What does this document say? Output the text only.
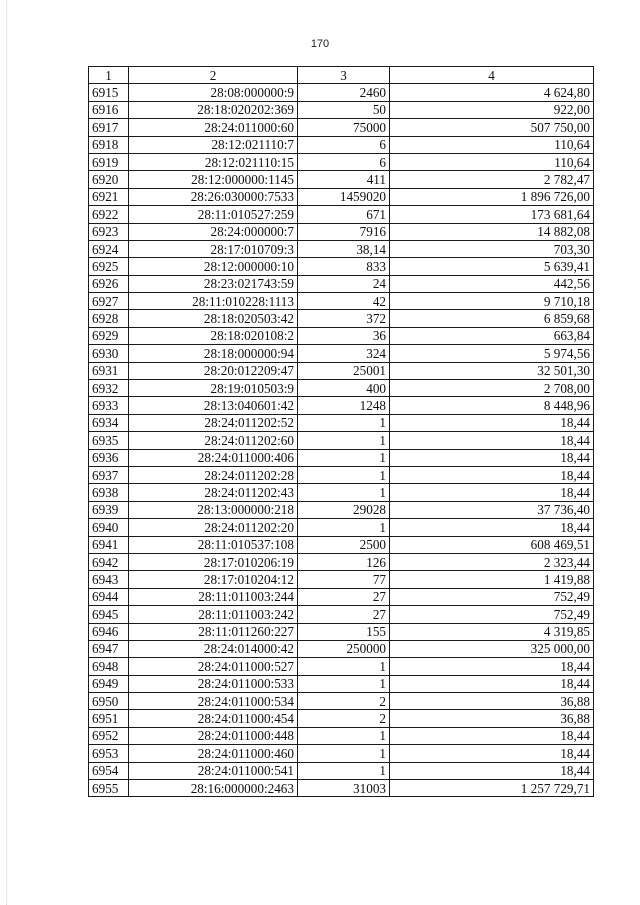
170
1	2	3	4
6915	28:08:000000:9	2460	4 624,80
6916	28:18:020202:369	50	922,00
6917	28:24:011000:60	75000	507 750,00
6918	28:12:021110:7	6	110,64
6919	28:12:021110:15	6	110,64
6920	28:12:000000:1145	411	2 782,47
6921	28:26:030000:7533	1459020	1 896 726,00
6922	28:11:010527:259	671	173 681,64
6923	28:24:000000:7	7916	14 882,08
6924	28:17:010709:3	38,14	703,30
6925	28:12:000000:10	833	5 639,41
6926	28:23:021743:59	24	442,56
6927	28:11:010228:1113	42	9 710,18
6928	28:18:020503:42	372	6 859,68
6929	28:18:020108:2	36	663,84
6930	28:18:000000:94	324	5 974,56
6931	28:20:012209:47	25001	32 501,30
6932	28:19:010503:9	400	2 708,00
6933	28:13:040601:42	1248	8 448,96
6934	28:24:011202:52	1	18,44
6935	28:24:011202:60	1	18,44
6936	28:24:011000:406	1	18,44
6937	28:24:011202:28	1	18,44
6938	28:24:011202:43	1	18,44
6939	28:13:000000:218	29028	37 736,40
6940	28:24:011202:20	1	18,44
6941	28:11:010537:108	2500	608 469,51
6942	28:17:010206:19	126	2 323,44
6943	28:17:010204:12	77	1 419,88
6944	28:11:011003:244	27	752,49
6945	28:11:011003:242	27	752,49
6946	28:11:011260:227	155	4 319,85
6947	28:24:014000:42	250000	325 000,00
6948	28:24:011000:527	1	18,44
6949	28:24:011000:533	1	18,44
6950	28:24:011000:534	2	36,88
6951	28:24:011000:454	2	36,88
6952	28:24:011000:448	1	18,44
6953	28:24:011000:460	1	18,44
6954	28:24:011000:541	1	18,44
6955	28:16:000000:2463	31003	1 257 729,71
